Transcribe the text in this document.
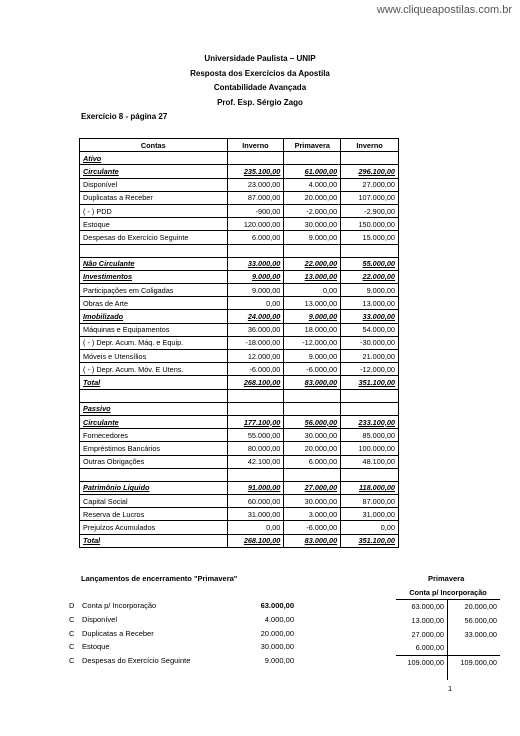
www.cliqueapostilas.com.br
Universidade Paulista – UNIP
Resposta dos Exercícios da Apostila
Contabilidade Avançada
Prof. Esp. Sérgio Zago
Exercício 8 - página 27
Contas	Inverno	Primavera	Inverno
Ativo			
Circulante	235.100,00	61.000,00	296.100,00
Disponível	23.000,00	4.000,00	27.000,00
Duplicatas a Receber	87.000,00	20.000,00	107.000,00
( - ) PDD	-900,00	-2.000,00	-2.900,00
Estoque	120.000,00	30.000,00	150.000,00
Despesas do Exercício Seguinte	6.000,00	9.000,00	15.000,00

Não Circulante	33.000,00	22.000,00	55.000,00
Investimentos	9.000,00	13.000,00	22.000,00
Participações em Coligadas	9.000,00	0,00	9.000,00
Obras de Arte	0,00	13.000,00	13.000,00
Imobilizado	24.000,00	9.000,00	33.000,00
Máquinas e Equipamentos	36.000,00	18.000,00	54.000,00
( - ) Depr. Acum. Máq. e Equip.	-18.000,00	-12.000,00	-30.000,00
Móveis e Utensílios	12.000,00	9.000,00	21.000,00
( - ) Depr. Acum. Móv. E Utens.	-6.000,00	-6.000,00	-12.000,00
Total	268.100,00	83.000,00	351.100,00

Passivo			
Circulante	177.100,00	56.000,00	233.100,00
Fornecedores	55.000,00	30.000,00	85.000,00
Empréstimos Bancários	80.000,00	20.000,00	100.000,00
Outras Obrigações	42.100,00	6.000,00	48.100,00

Patrimônio Líquido	91.000,00	27.000,00	118.000,00
Capital Social	60.000,00	30.000,00	87.000,00
Reserva de Lucros	31.000,00	3.000,00	31.000,00
Prejuízos Acumulados	0,00	-6.000,00	0,00
Total	268.100,00	83.000,00	351.100,00
Lançamentos de encerramento "Primavera"	Primavera
D Conta p/ Incorporação	63.000,00
C Disponível	4.000,00
C Duplicatas a Receber	20.000,00
C Estoque	30.000,00
C Despesas do Exercício Seguinte	9.000,00
Conta p/ Incorporação
63.000,00	20.000,00
13.000,00	56.000,00
27.000,00	33.000,00
6.000,00
109.000,00	109.000,00
1
